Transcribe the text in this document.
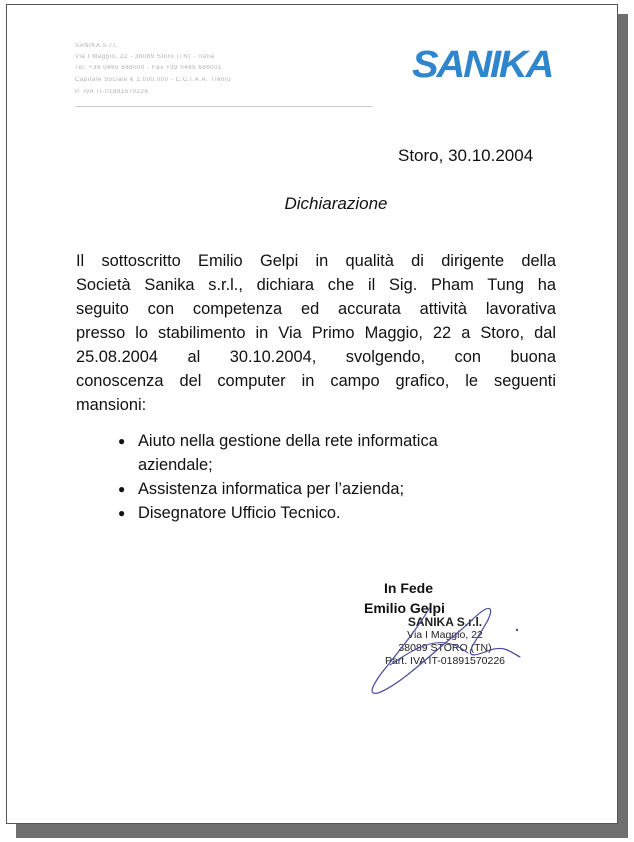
SANIKA S.r.l.
Via I Maggio, 22 - 38089 Storo (TN) - Italia
Tel. +39 0465 686000 - Fax +39 0465 686001
Capitale Sociale € 1.000.000 - C.C.I.A.A. Trento
P. IVA IT-01891570226
SANIKA
Storo, 30.10.2004
Dichiarazione

Il sottoscritto Emilio Gelpi in qualità di dirigente della
Società Sanika s.r.l., dichiara che il Sig. Pham Tung ha
seguito con competenza ed accurata attività lavorativa
presso lo stabilimento in Via Primo Maggio, 22 a Storo, dal
25.08.2004 al 30.10.2004, svolgendo, con buona
conoscenza del computer in campo grafico, le seguenti
mansioni:

● Aiuto nella gestione della rete informatica
aziendale;
● Assistenza informatica per l’azienda;
● Disegnatore Ufficio Tecnico.
In Fede
Emilio Gelpi
SANIKA S.r.l.
Via I Maggio, 22
38089 STORO (TN)
Part. IVA IT-01891570226
